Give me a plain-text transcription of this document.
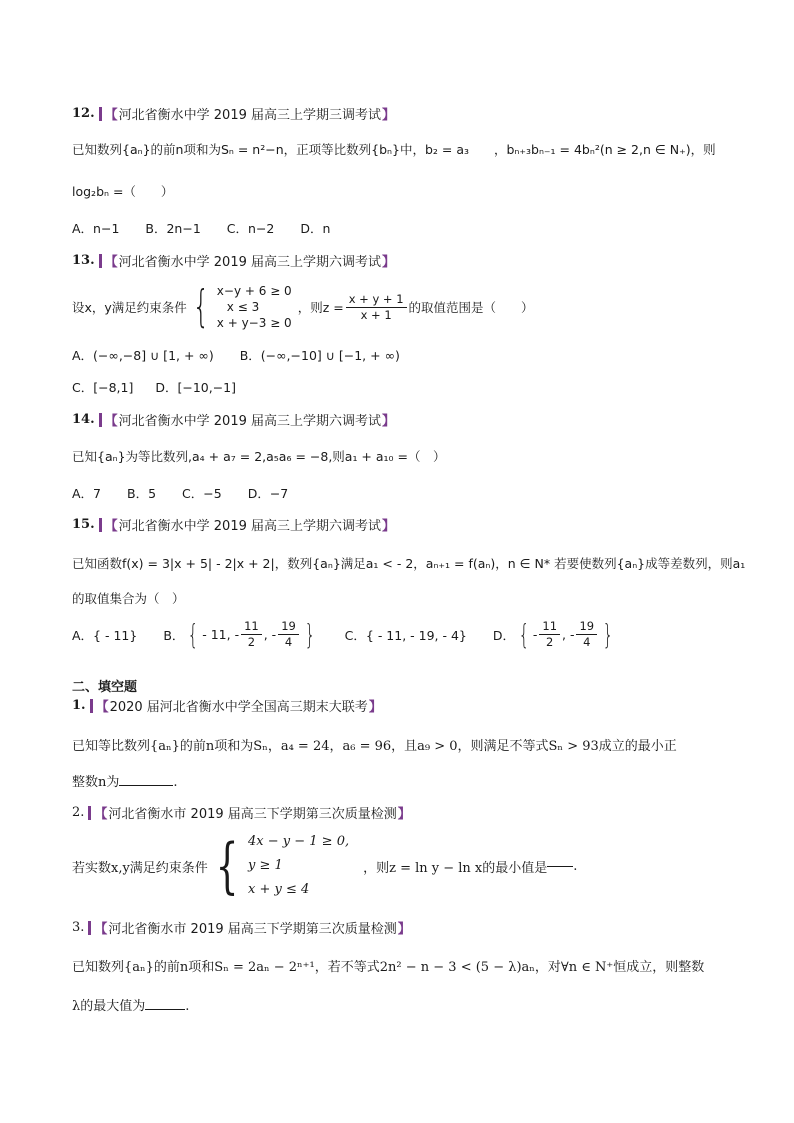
12. 【 河北省衡水中学 2019 届高三上学期三调考试 】
已知数列{aₙ}的前n项和为Sₙ = n²−n，正项等比数列{bₙ}中，b₂ = a₃　　，bₙ₊₃bₙ₋₁ = 4bₙ²(n ≥ 2,n ∈ N₊)，则
log₂bₙ =（　　）
A．n−1 B．2n−1 C．n−2 D．n
13. 【 河北省衡水中学 2019 届高三上学期六调考试 】
设x，y满足约束条件 { x−y + 6 ≥ 0
x ≤ 3
x + y−3 ≥ 0
，则$z = \frac{x + y + 1}{x + 1}$ 的取值范围是（　　）
A．(−∞,−8] ∪ [1, + ∞) B．(−∞,−10] ∪ [−1, + ∞)
C．[−8,1] D．[−10,−1]
14. 【 河北省衡水中学 2019 届高三上学期六调考试 】
已知{aₙ}为等比数列,a₄ + a₇ = 2,a₅a₆ = −8,则a₁ + a₁₀ =（　）
A．7 B．5 C．−5 D．−7
15. 【 河北省衡水中学 2019 届高三上学期六调考试 】
已知函数f(x) = 3|x + 5| - 2|x + 2|，数列{aₙ}满足a₁ < - 2，aₙ₊₁ = f(aₙ)，n ∈ N* 若要使数列{aₙ}成等差数列，则a₁
的取值集合为（　）
A．{ - 11} B． { - 11, - $\frac{11}{2}$ , - $\frac{19}{4}$ } C．{ - 11, - 19, - 4} D． { - $\frac{11}{2}$ , - $\frac{19}{4}$ }
二、填空题
1. 【 2020 届河北省衡水中学全国高三期末大联考 】
已知等比数列{aₙ}的前n项和为Sₙ，a₄ = 24，a₆ = 96，且a₉ > 0，则满足不等式Sₙ > 93成立的最小正
整数n为	.
2. 【 河北省衡水市 2019 届高三下学期第三次质量检测 】
若实数x,y满足约束条件 { 4x − y − 1 ≥ 0,
y ≥ 1
x + y ≤ 4
，则z = ln y − ln x的最小值是 .
3. 【 河北省衡水市 2019 届高三下学期第三次质量检测 】
已知数列{aₙ}的前n项和Sₙ = 2aₙ − 2ⁿ⁺¹，若不等式2n² − n − 3 < (5 − λ)aₙ，对∀n ∈ N⁺恒成立，则整数
λ的最大值为	.
